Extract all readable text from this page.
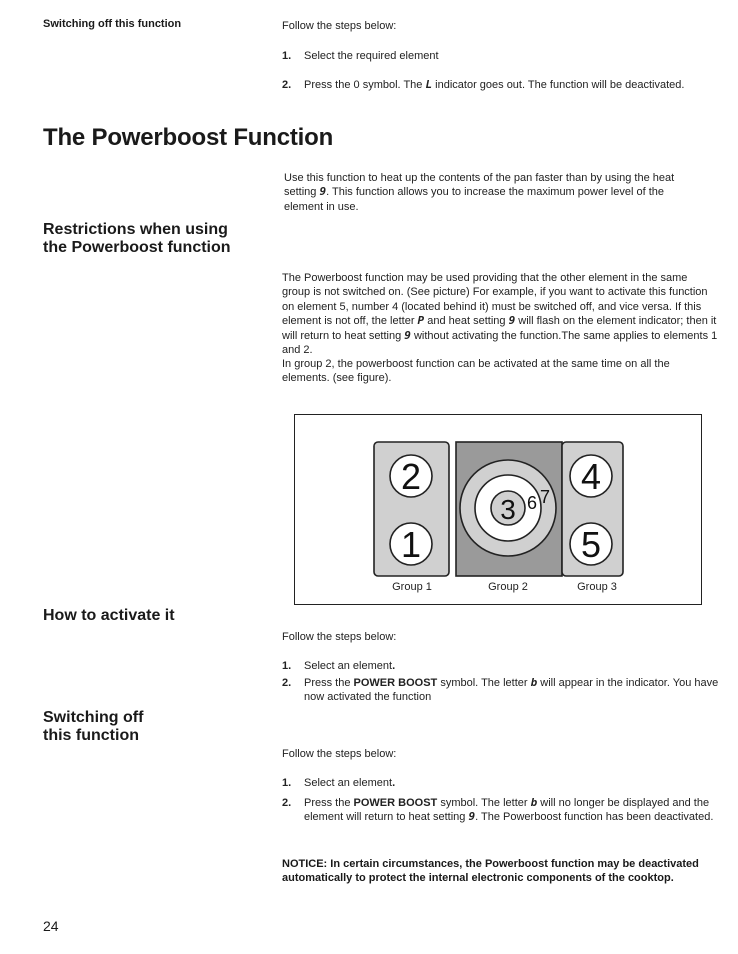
Switching off this function	Follow the steps below:
1.	Select the required element
2.	Press the 0 symbol. The L indicator goes out. The function will be deactivated.
The Powerboost Function
Use this function to heat up the contents of the pan faster than by using the heat setting 9. This function allows you to increase the maximum power level of the element in use.
Restrictions when using
the Powerboost function
The Powerboost function may be used providing that the other element in the same group is not switched on. (See picture) For example, if you want to activate this function on element 5, number 4 (located behind it) must be switched off, and vice versa. If this element is not off, the letter P and heat setting 9 will flash on the element indicator; then it will return to heat setting 9 without activating the function.The same applies to elements 1 and 2.
In group 2, the powerboost function can be activated at the same time on all the elements. (see figure).
2
1
3 6 7 4
5
Group 1	Group 2	Group 3
How to activate it
Follow the steps below:
1.	Select an element.
2.	Press the POWER BOOST symbol. The letter b will appear in the indicator. You have now activated the function
Switching off
this function
Follow the steps below:
1.	Select an element.
2.	Press the POWER BOOST symbol. The letter b will no longer be displayed and the element will return to heat setting 9. The Powerboost function has been deactivated.
NOTICE: In certain circumstances, the Powerboost function may be deactivated automatically to protect the internal electronic components of the cooktop.
24
